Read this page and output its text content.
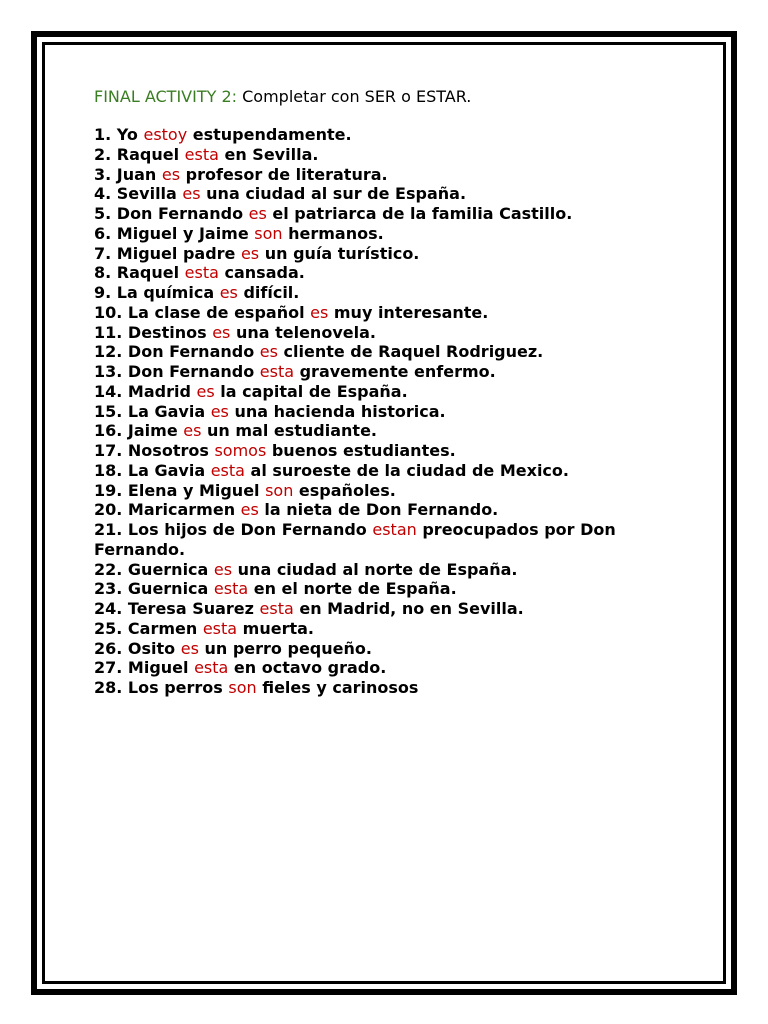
FINAL ACTIVITY 2: Completar con SER o ESTAR.
1. Yo estoy estupendamente.
2. Raquel esta en Sevilla.
3. Juan es profesor de literatura.
4. Sevilla es una ciudad al sur de España.
5. Don Fernando es el patriarca de la familia Castillo.
6. Miguel y Jaime son hermanos.
7. Miguel padre es un guía turístico.
8. Raquel esta cansada.
9. La química es difícil.
10. La clase de español es muy interesante.
11. Destinos es una telenovela.
12. Don Fernando es cliente de Raquel Rodriguez.
13. Don Fernando esta gravemente enfermo.
14. Madrid es la capital de España.
15. La Gavia es una hacienda historica.
16. Jaime es un mal estudiante.
17. Nosotros somos buenos estudiantes.
18. La Gavia esta al suroeste de la ciudad de Mexico.
19. Elena y Miguel son españoles.
20. Maricarmen es la nieta de Don Fernando.
21. Los hijos de Don Fernando estan preocupados por Don Fernando.
22. Guernica es una ciudad al norte de España.
23. Guernica esta en el norte de España.
24. Teresa Suarez esta en Madrid, no en Sevilla.
25. Carmen esta muerta.
26. Osito es un perro pequeño.
27. Miguel esta en octavo grado.
28. Los perros son fieles y carinosos
